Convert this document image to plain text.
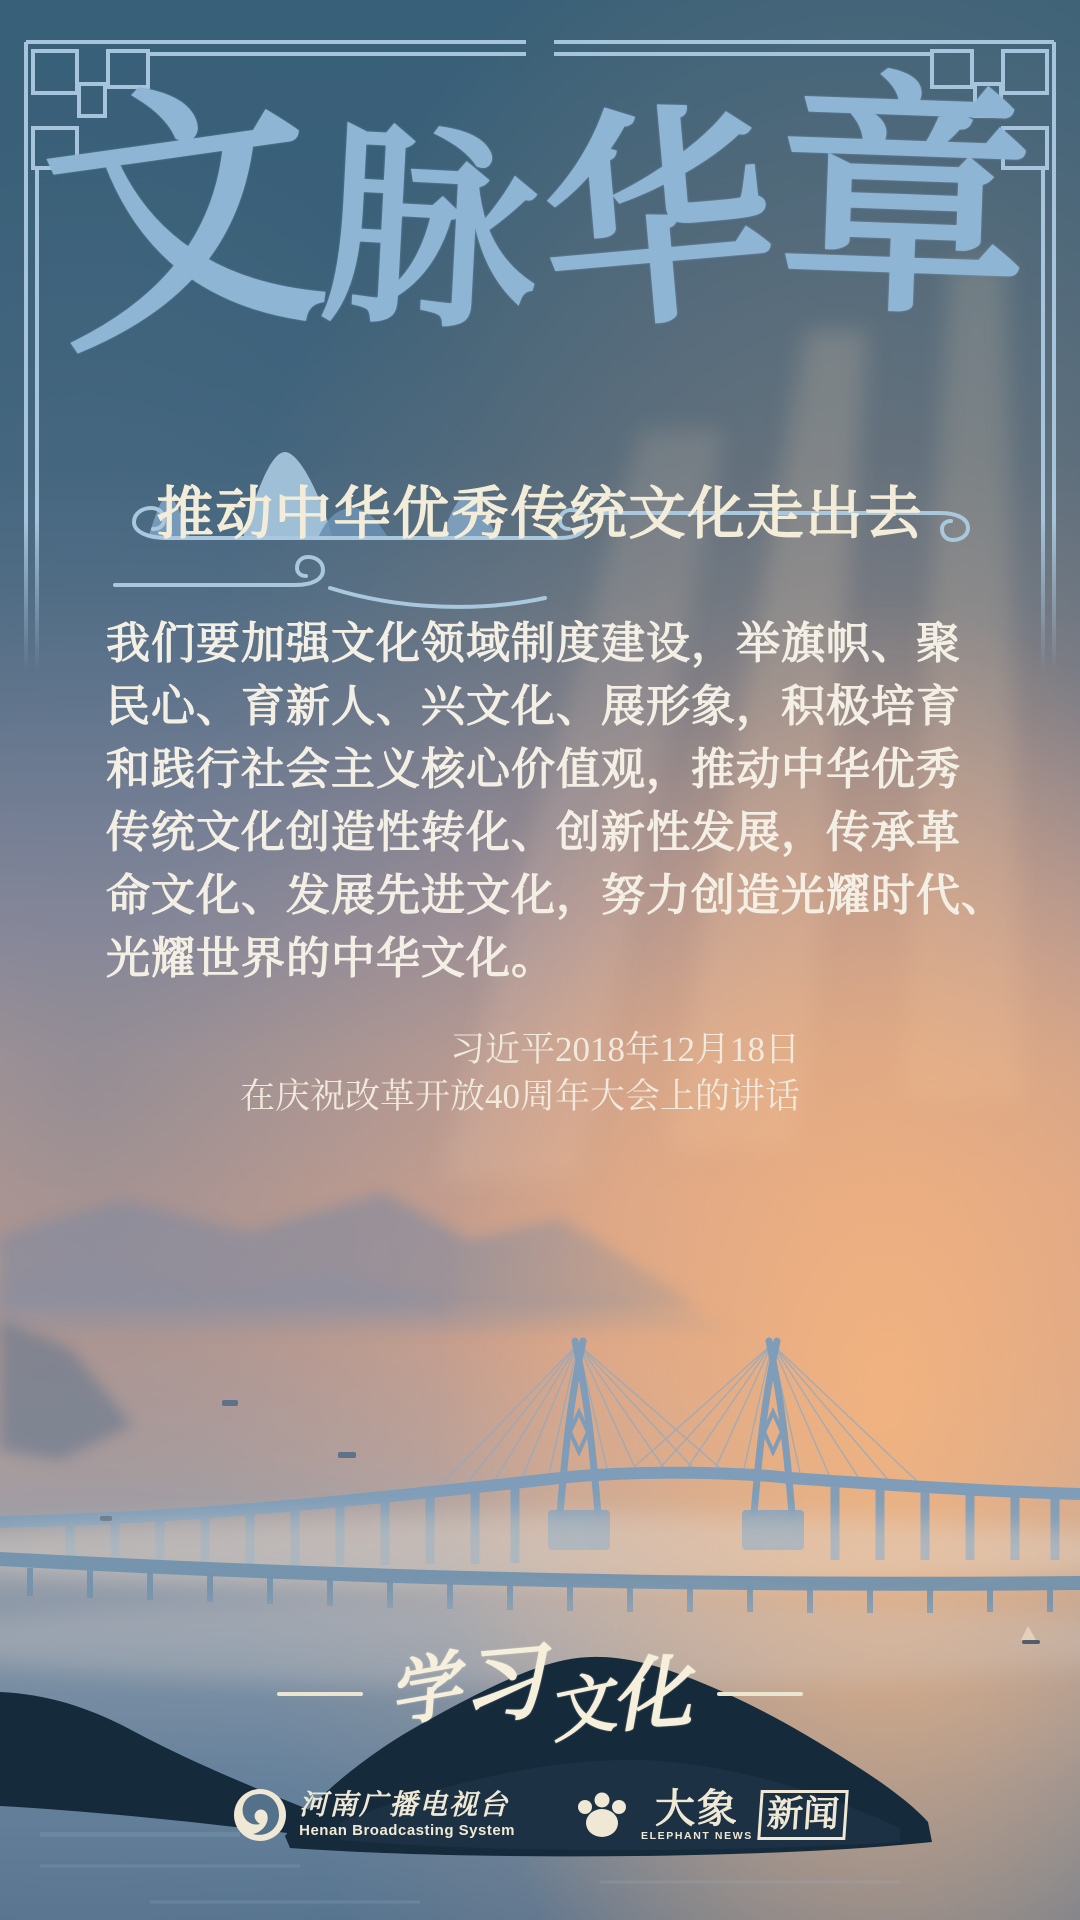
文
脉
华
章
推动中华优秀传统文化走出去
我们要加强文化领域制度建设，举旗帜、聚
民心、育新人、兴文化、展形象，积极培育
和践行社会主义核心价值观，推动中华优秀
传统文化创造性转化、创新性发展，传承革
命文化、发展先进文化，努力创造光耀时代、
光耀世界的中华文化。
习近平2018年12月18日
在庆祝改革开放40周年大会上的讲话
学
习
文
化
河南广播电视台
Henan Broadcasting System	大象
ELEPHANT NEWS
新闻
